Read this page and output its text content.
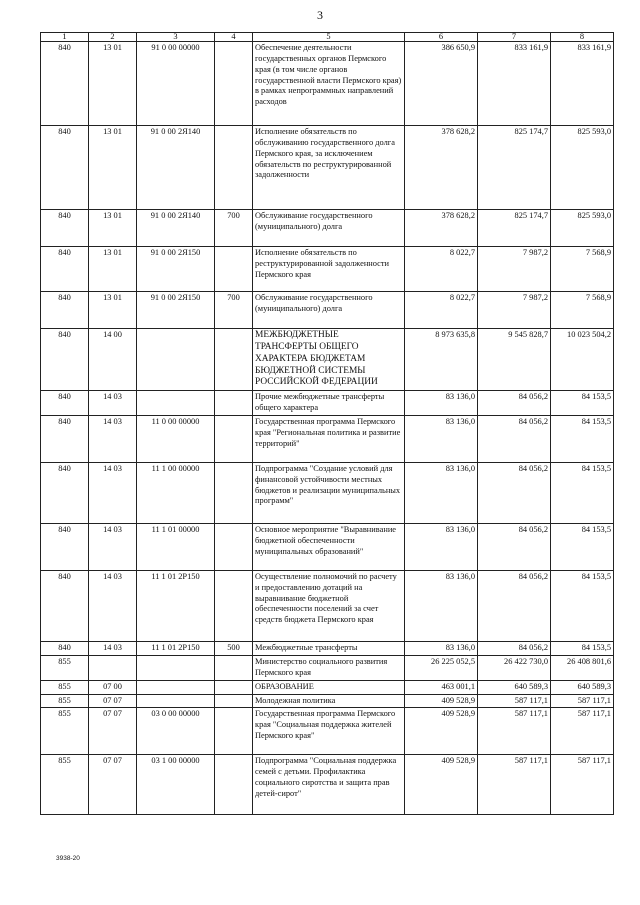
3
1	2	3	4	5	6	7	8
840	13 01	91 0 00 00000		Обеспечение деятельности государственных органов Пермского края (в том числе органов государственной власти Пермского края) в рамках непрограммных направлений расходов	386 650,9	833 161,9	833 161,9
840	13 01	91 0 00 2Я140		Исполнение обязательств по обслуживанию государственного долга Пермского края, за исключением обязательств по реструктурированной задолженности	378 628,2	825 174,7	825 593,0
840	13 01	91 0 00 2Я140	700	Обслуживание государственного (муниципального) долга	378 628,2	825 174,7	825 593,0
840	13 01	91 0 00 2Я150		Исполнение обязательств по реструктурированной задолженности Пермского края	8 022,7	7 987,2	7 568,9
840	13 01	91 0 00 2Я150	700	Обслуживание государственного (муниципального) долга	8 022,7	7 987,2	7 568,9
840	14 00			МЕЖБЮДЖЕТНЫЕ ТРАНСФЕРТЫ ОБЩЕГО ХАРАКТЕРА БЮДЖЕТАМ БЮДЖЕТНОЙ СИСТЕМЫ РОССИЙСКОЙ ФЕДЕРАЦИИ	8 973 635,8	9 545 828,7	10 023 504,2
840	14 03			Прочие межбюджетные трансферты общего характера	83 136,0	84 056,2	84 153,5
840	14 03	11 0 00 00000		Государственная программа Пермского края "Региональная политика и развитие территорий"	83 136,0	84 056,2	84 153,5
840	14 03	11 1 00 00000		Подпрограмма "Создание условий для финансовой устойчивости местных бюджетов и реализации муниципальных программ"	83 136,0	84 056,2	84 153,5
840	14 03	11 1 01 00000		Основное мероприятие "Выравнивание бюджетной обеспеченности муниципальных образований"	83 136,0	84 056,2	84 153,5
840	14 03	11 1 01 2Р150		Осуществление полномочий по расчету и предоставлению дотаций на выравнивание бюджетной обеспеченности поселений за счет средств бюджета Пермского края	83 136,0	84 056,2	84 153,5
840	14 03	11 1 01 2Р150	500	Межбюджетные трансферты	83 136,0	84 056,2	84 153,5
855				Министерство социального развития Пермского края	26 225 052,5	26 422 730,0	26 408 801,6
855	07 00			ОБРАЗОВАНИЕ	463 001,1	640 589,3	640 589,3
855	07 07			Молодежная политика	409 528,9	587 117,1	587 117,1
855	07 07	03 0 00 00000		Государственная программа Пермского края "Социальная поддержка жителей Пермского края"	409 528,9	587 117,1	587 117,1
855	07 07	03 1 00 00000		Подпрограмма "Социальная поддержка семей с детьми. Профилактика социального сиротства и защита прав детей-сирот"	409 528,9	587 117,1	587 117,1
3938-20
